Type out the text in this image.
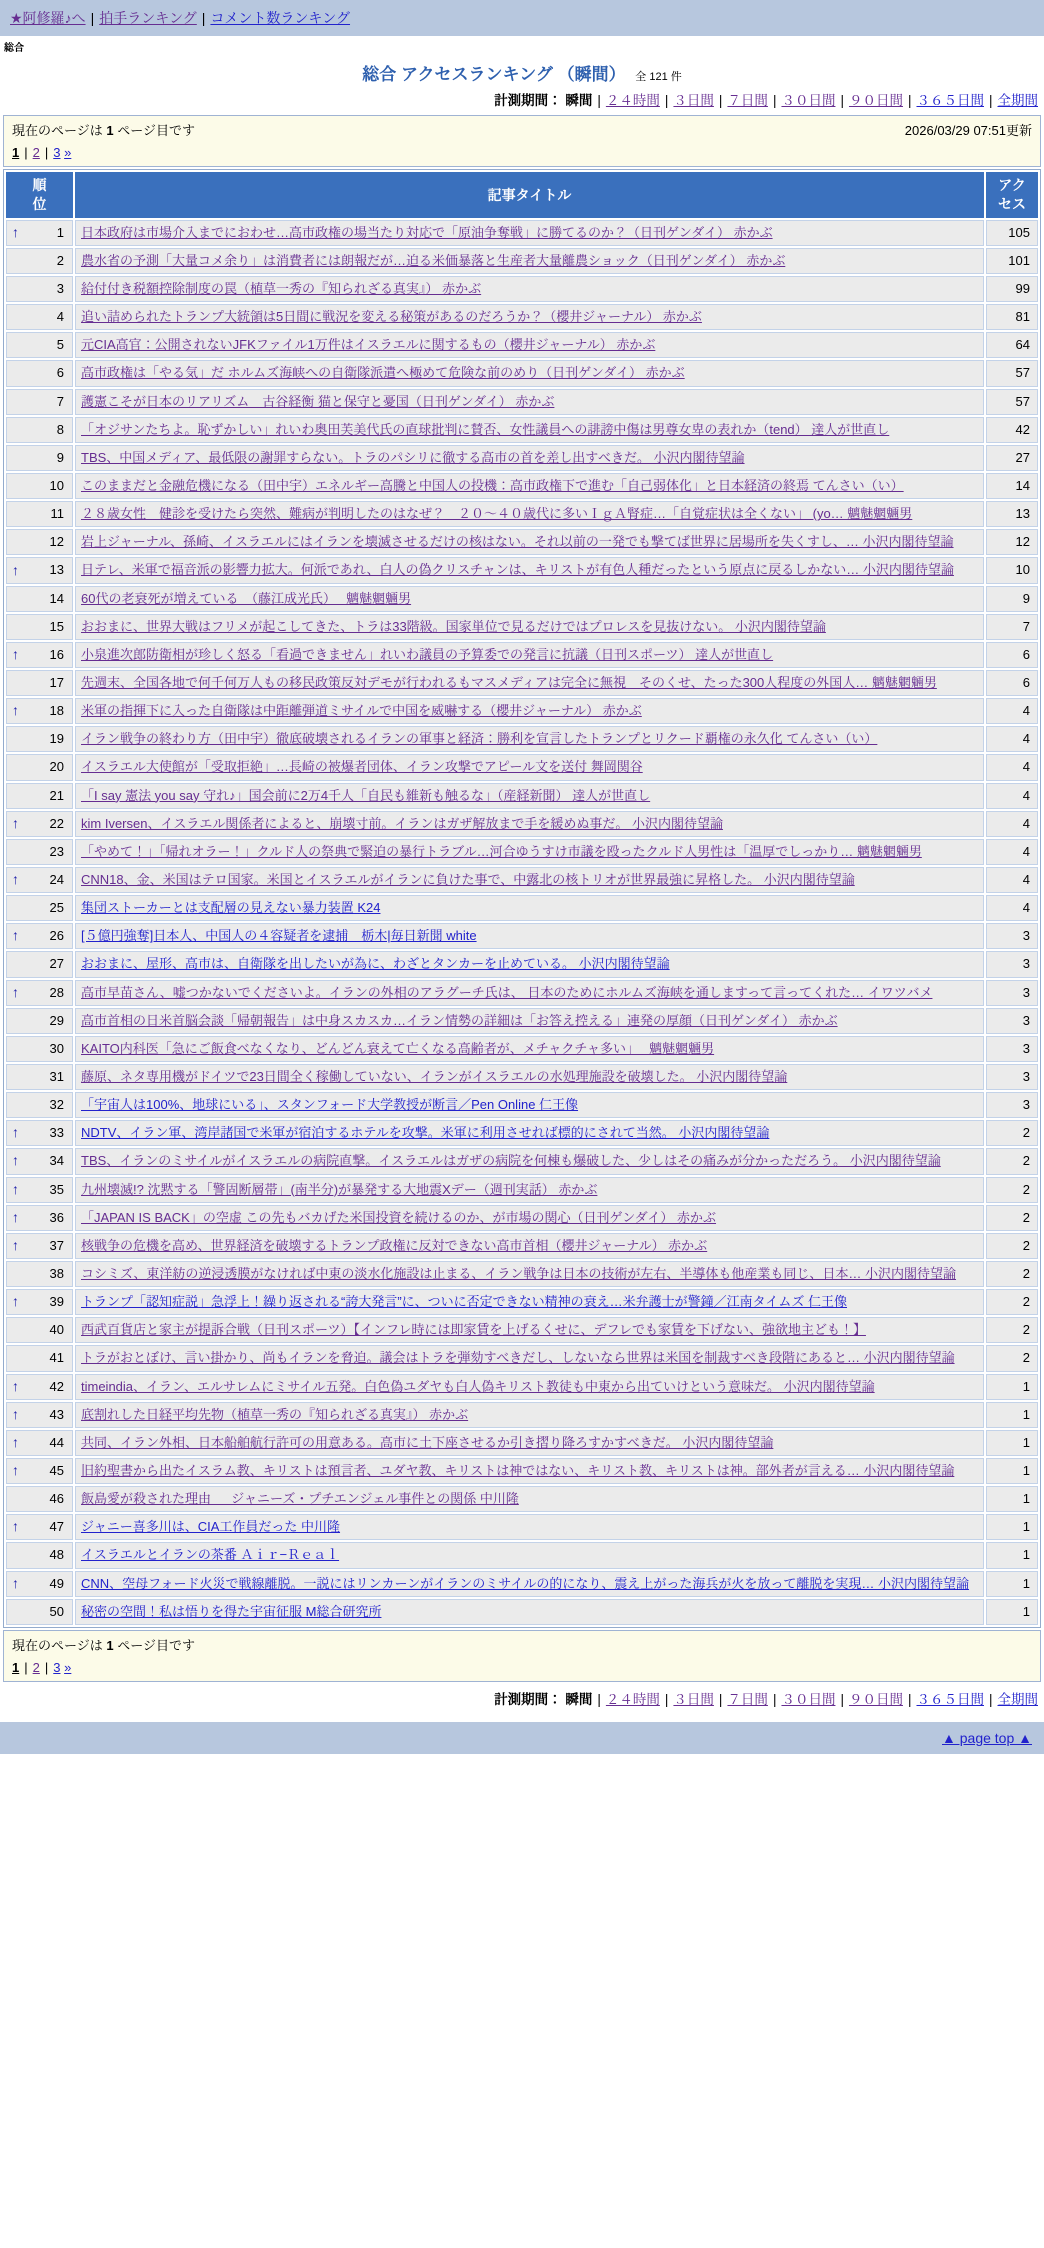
★阿修羅♪へ | 拍手ランキング | コメント数ランキング
総合
総合 アクセスランキング （瞬間） 全 121 件
計測期間： 瞬間 | ２４時間 | ３日間 | ７日間 | ３０日間 | ９０日間 | ３６５日間 | 全期間
現在のページは 1 ページ目です	2026/03/29 07:51更新
1 | 2 | 3 »
順位	記事タイトル	アクセス

↑ 1	日本政府は市場介入までにおわせ…高市政権の場当たり対応で「原油争奪戦」に勝てるのか？（日刊ゲンダイ） 赤かぶ	105
2	農水省の予測「大量コメ余り」は消費者には朗報だが…迫る米価暴落と生産者大量離農ショック（日刊ゲンダイ） 赤かぶ	101
3	給付付き税額控除制度の罠（植草一秀の『知られざる真実』） 赤かぶ	99
4	追い詰められたトランプ大統領は5日間に戦況を変える秘策があるのだろうか？（櫻井ジャーナル） 赤かぶ	81
5	元CIA高官：公開されないJFKファイル1万件はイスラエルに関するもの（櫻井ジャーナル） 赤かぶ	64
6	高市政権は「やる気」だ ホルムズ海峡への自衛隊派遣へ極めて危険な前のめり（日刊ゲンダイ） 赤かぶ	57
7	護憲こそが日本のリアリズム　古谷経衡 猫と保守と憂国（日刊ゲンダイ） 赤かぶ	57
8	「オジサンたちよ。恥ずかしい」れいわ奥田芙美代氏の直球批判に賛否、女性議員への誹謗中傷は男尊女卑の表れか（tend） 達人が世直し	42
9	TBS、中国メディア、最低限の謝罪すらない。トラのパシリに徹する高市の首を差し出すべきだ。 小沢内閣待望論	27
10	このままだと金融危機になる（田中宇）エネルギー高騰と中国人の投機：高市政権下で進む「自己弱体化」と日本経済の終焉 てんさい（い）	14
11	２８歳女性　健診を受けたら突然、難病が判明したのはなぜ？　２０～４０歳代に多いＩｇＡ腎症…「自覚症状は全くない」 (yo… 魑魅魍魎男	13
12	岩上ジャーナル、孫崎、イスラエルにはイランを壊滅させるだけの核はない。それ以前の一発でも撃てば世界に居場所を失くすし、… 小沢内閣待望論	12

↑ 13	日テレ、米軍で福音派の影響力拡大。何派であれ、白人の偽クリスチャンは、キリストが有色人種だったという原点に戻るしかない… 小沢内閣待望論	10
14	60代の老衰死が増えている　（藤江成光氏）　 魑魅魍魎男	9
15	おおまに、世界大戦はフリメが起こしてきた、トラは33階級。国家単位で見るだけではプロレスを見抜けない。 小沢内閣待望論	7

↑ 16	小泉進次郎防衛相が珍しく怒る「看過できません」れいわ議員の予算委での発言に抗議（日刊スポーツ） 達人が世直し	6
17	先週末、全国各地で何千何万人もの移民政策反対デモが行われるもマスメディアは完全に無視　そのくせ、たった300人程度の外国人… 魑魅魍魎男	6

↑ 18	米軍の指揮下に入った自衛隊は中距離弾道ミサイルで中国を威嚇する（櫻井ジャーナル） 赤かぶ	4
19	イラン戦争の終わり方（田中宇）徹底破壊されるイランの軍事と経済：勝利を宣言したトランプとリクード覇権の永久化 てんさい（い）	4
20	イスラエル大使館が「受取拒絶」…長崎の被爆者団体、イラン攻撃でアピール文を送付 舞岡関谷	4
21	「I say 憲法 you say 守れ♪」国会前に2万4千人「自民も維新も触るな」（産経新聞） 達人が世直し	4

↑ 22	kim Iversen、イスラエル関係者によると、崩壊寸前。イランはガザ解放まで手を緩めぬ事だ。 小沢内閣待望論	4
23	「やめて！」「帰れオラー！」クルド人の祭典で緊迫の暴行トラブル…河合ゆうすけ市議を殴ったクルド人男性は「温厚でしっかり… 魑魅魍魎男	4

↑ 24	CNN18、金、米国はテロ国家。米国とイスラエルがイランに負けた事で、中露北の核トリオが世界最強に昇格した。 小沢内閣待望論	4
25	集団ストーカーとは支配層の見えない暴力装置 K24	4

↑ 26	[５億円強奪]日本人、中国人の４容疑者を逮捕　栃木|毎日新聞 white	3
27	おおまに、屋形、高市は、自衛隊を出したいが為に、わざとタンカーを止めている。 小沢内閣待望論	3

↑ 28	高市早苗さん、嘘つかないでくださいよ。イランの外相のアラグーチ氏は、 日本のためにホルムズ海峡を通しますって言ってくれた… イワツバメ	3
29	高市首相の日米首脳会談「帰朝報告」は中身スカスカ…イラン情勢の詳細は「お答え控える」連発の厚顔（日刊ゲンダイ） 赤かぶ	3
30	KAITO内科医「急にご飯食べなくなり、どんどん衰えて亡くなる高齢者が、メチャクチャ多い」　 魑魅魍魎男	3
31	藤原、ネタ専用機がドイツで23日間全く稼働していない、イランがイスラエルの水処理施設を破壊した。 小沢内閣待望論	3
32	「宇宙人は100%、地球にいる」、スタンフォード大学教授が断言／Pen Online 仁王像	3

↑ 33	NDTV、イラン軍、湾岸諸国で米軍が宿泊するホテルを攻撃。米軍に利用させれば標的にされて当然。 小沢内閣待望論	2

↑ 34	TBS、イランのミサイルがイスラエルの病院直撃。イスラエルはガザの病院を何棟も爆破した、少しはその痛みが分かっただろう。 小沢内閣待望論	2

↑ 35	九州壊滅!? 沈黙する「警固断層帯」(南半分)が暴発する大地震Xデー（週刊実話） 赤かぶ	2

↑ 36	「JAPAN IS BACK」の空虚 この先もバカげた米国投資を続けるのか、が市場の関心（日刊ゲンダイ） 赤かぶ	2

↑ 37	核戦争の危機を高め、世界経済を破壊するトランプ政権に反対できない高市首相（櫻井ジャーナル） 赤かぶ	2
38	コシミズ、東洋紡の逆浸透膜がなければ中東の淡水化施設は止まる、イラン戦争は日本の技術が左右、半導体も他産業も同じ、日本… 小沢内閣待望論	2

↑ 39	トランプ「認知症説」急浮上！繰り返される“誇大発言”に、ついに否定できない精神の衰え…米弁護士が警鐘／江南タイムズ 仁王像	2
40	西武百貨店と家主が提訴合戦（日刊スポーツ）【インフレ時には即家賃を上げるくせに、デフレでも家賃を下げない、強欲地主ども！】	2
41	トラがおとぼけ、言い掛かり、尚もイランを脅迫。議会はトラを弾劾すべきだし、しないなら世界は米国を制裁すべき段階にあると… 小沢内閣待望論	2

↑ 42	timeindia、イラン、エルサレムにミサイル五発。白色偽ユダヤも白人偽キリスト教徒も中東から出ていけという意味だ。 小沢内閣待望論	1

↑ 43	底割れした日経平均先物（植草一秀の『知られざる真実』） 赤かぶ	1

↑ 44	共同、イラン外相、日本船舶航行許可の用意ある。高市に土下座させるか引き摺り降ろすかすべきだ。 小沢内閣待望論	1

↑ 45	旧約聖書から出たイスラム教、キリストは預言者、ユダヤ教、キリストは神ではない、キリスト教、キリストは神。部外者が言える… 小沢内閣待望論	1
46	飯島愛が殺された理由 ＿ ジャニーズ・プチエンジェル事件との関係 中川隆	1

↑ 47	ジャニー喜多川は、CIA工作員だった 中川隆	1
48	イスラエルとイランの茶番 Ａｉｒ−Ｒｅａｌ	1

↑ 49	CNN、空母フォード火災で戦線離脱。一説にはリンカーンがイランのミサイルの的になり、震え上がった海兵が火を放って離脱を実現… 小沢内閣待望論	1
50	秘密の空間！私は悟りを得た宇宙征服 M総合研究所	1
現在のページは 1 ページ目です
1 | 2 | 3 »
計測期間： 瞬間 | ２４時間 | ３日間 | ７日間 | ３０日間 | ９０日間 | ３６５日間 | 全期間
▲ page top ▲
